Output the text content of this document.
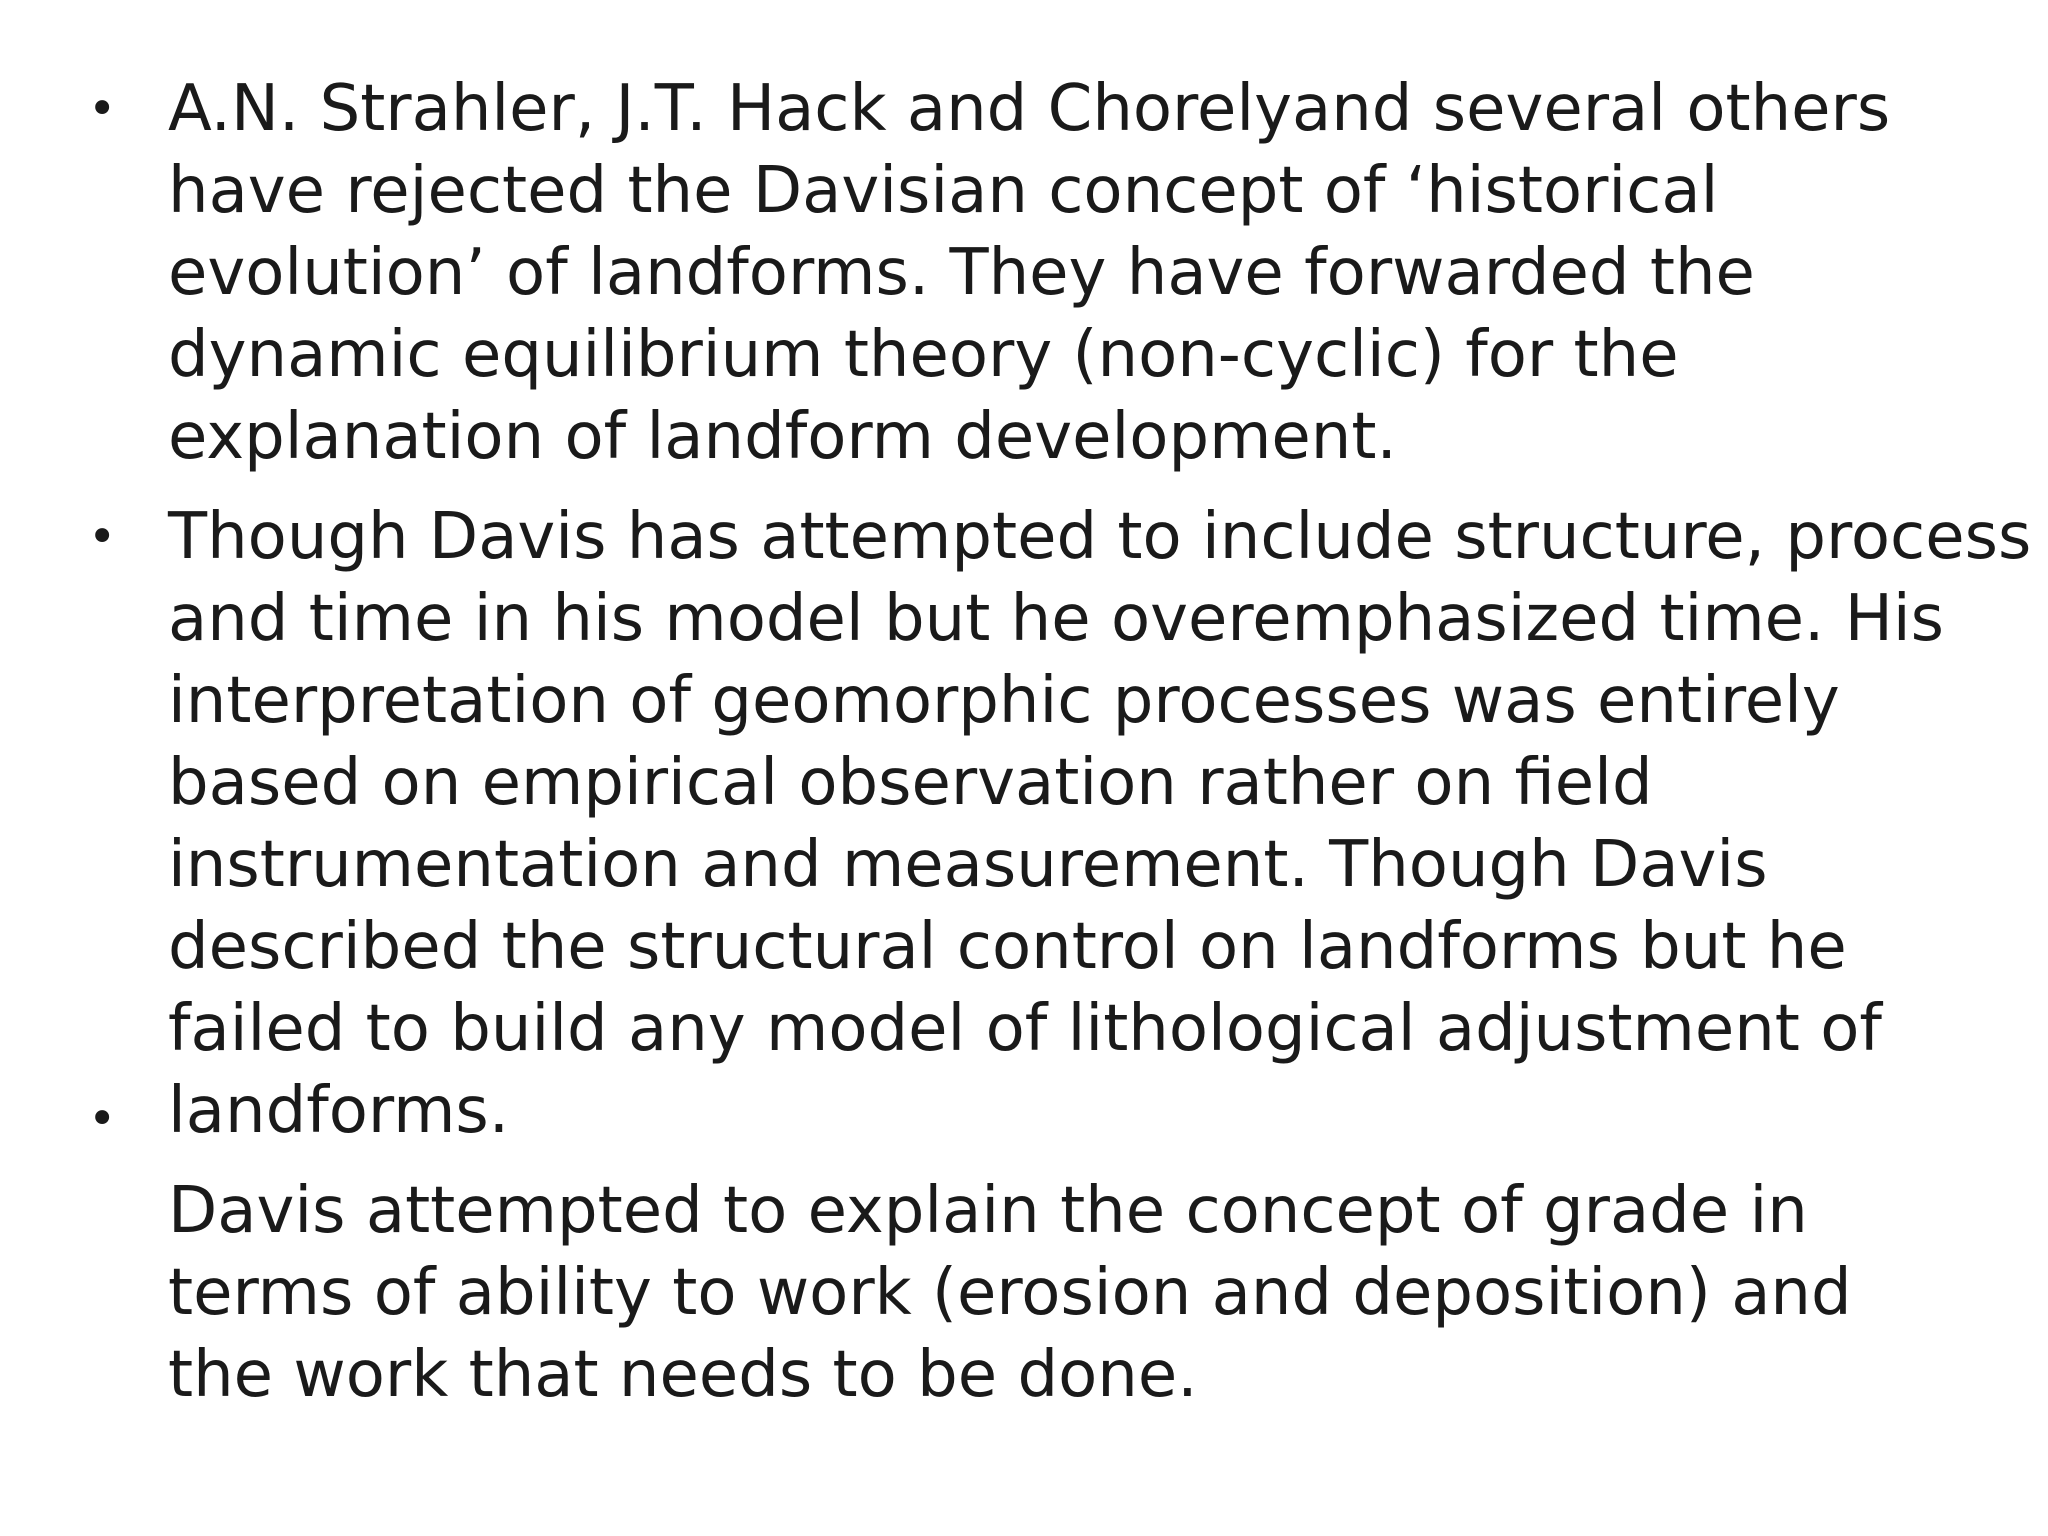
• A.N. Strahler, J.T. Hack and Chorelyand several others
have rejected the Davisian concept of ‘historical
evolution’ of landforms. They have forwarded the
dynamic equilibrium theory (non-cyclic) for the
explanation of landform development.
• Though Davis has attempted to include structure, process
and time in his model but he overemphasized time. His
interpretation of geomorphic processes was entirely
based on empirical observation rather on field
instrumentation and measurement. Though Davis
described the structural control on landforms but he
failed to build any model of lithological adjustment of
landforms.
•
Davis attempted to explain the concept of grade in
terms of ability to work (erosion and deposition) and
the work that needs to be done.
